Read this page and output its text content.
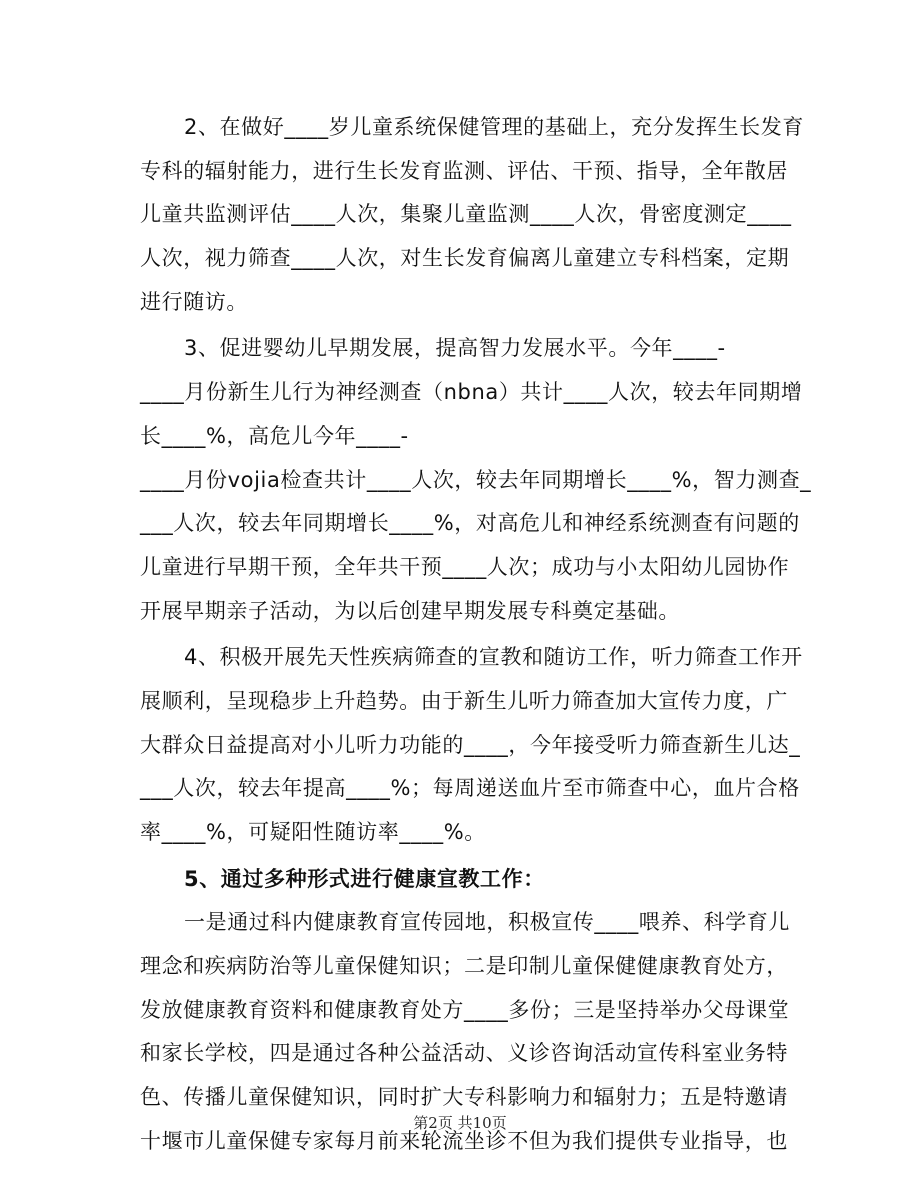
2、在做好____岁儿童系统保健管理的基础上，充分发挥生长发育
专科的辐射能力，进行生长发育监测、评估、干预、指导，全年散居
儿童共监测评估____人次，集聚儿童监测____人次，骨密度测定____
人次，视力筛查____人次，对生长发育偏离儿童建立专科档案，定期
进行随访。
3、促进婴幼儿早期发展，提高智力发展水平。今年____-
____月份新生儿行为神经测查（nbna）共计____人次，较去年同期增
长____%，高危儿今年____-
____月份vojia检查共计____人次，较去年同期增长____%，智力测查_
___人次，较去年同期增长____%，对高危儿和神经系统测查有问题的
儿童进行早期干预，全年共干预____人次；成功与小太阳幼儿园协作
开展早期亲子活动，为以后创建早期发展专科奠定基础。
4、积极开展先天性疾病筛查的宣教和随访工作，听力筛查工作开
展顺利，呈现稳步上升趋势。由于新生儿听力筛查加大宣传力度，广
大群众日益提高对小儿听力功能的____，今年接受听力筛查新生儿达_
___人次，较去年提高____%；每周递送血片至市筛查中心，血片合格
率____%，可疑阳性随访率____%。
5、通过多种形式进行健康宣教工作：
一是通过科内健康教育宣传园地，积极宣传____喂养、科学育儿
理念和疾病防治等儿童保健知识；二是印制儿童保健健康教育处方，
发放健康教育资料和健康教育处方____多份；三是坚持举办父母课堂
和家长学校，四是通过各种公益活动、义诊咨询活动宣传科室业务特
色、传播儿童保健知识，同时扩大专科影响力和辐射力；五是特邀请
十堰市儿童保健专家每月前来轮流坐诊不但为我们提供专业指导，也
第2页 共10页
